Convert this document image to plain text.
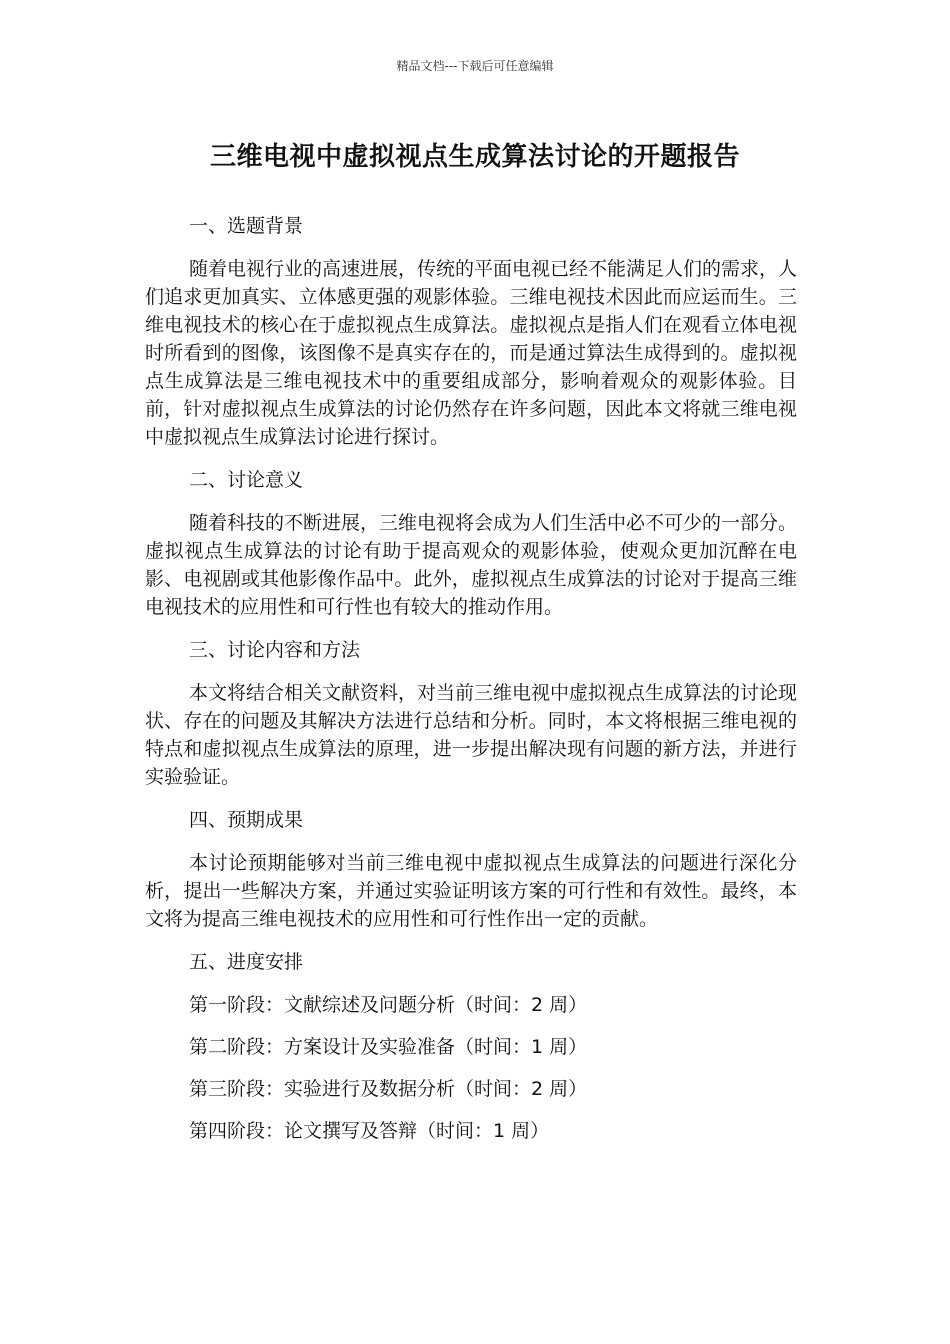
精品文档---下载后可任意编辑
三维电视中虚拟视点生成算法讨论的开题报告
一、选题背景
随着电视行业的高速进展，传统的平面电视已经不能满足人们的需求，人们追求更加真实、立体感更强的观影体验。三维电视技术因此而应运而生。三维电视技术的核心在于虚拟视点生成算法。虚拟视点是指人们在观看立体电视时所看到的图像，该图像不是真实存在的，而是通过算法生成得到的。虚拟视点生成算法是三维电视技术中的重要组成部分，影响着观众的观影体验。目前，针对虚拟视点生成算法的讨论仍然存在许多问题，因此本文将就三维电视中虚拟视点生成算法讨论进行探讨。
二、讨论意义
随着科技的不断进展，三维电视将会成为人们生活中必不可少的一部分。虚拟视点生成算法的讨论有助于提高观众的观影体验，使观众更加沉醉在电影、电视剧或其他影像作品中。此外，虚拟视点生成算法的讨论对于提高三维电视技术的应用性和可行性也有较大的推动作用。
三、讨论内容和方法
本文将结合相关文献资料，对当前三维电视中虚拟视点生成算法的讨论现状、存在的问题及其解决方法进行总结和分析。同时，本文将根据三维电视的特点和虚拟视点生成算法的原理，进一步提出解决现有问题的新方法，并进行实验验证。
四、预期成果
本讨论预期能够对当前三维电视中虚拟视点生成算法的问题进行深化分析，提出一些解决方案，并通过实验证明该方案的可行性和有效性。最终，本文将为提高三维电视技术的应用性和可行性作出一定的贡献。
五、进度安排
第一阶段：文献综述及问题分析（时间：2 周）
第二阶段：方案设计及实验准备（时间：1 周）
第三阶段：实验进行及数据分析（时间：2 周）
第四阶段：论文撰写及答辩（时间：1 周）
